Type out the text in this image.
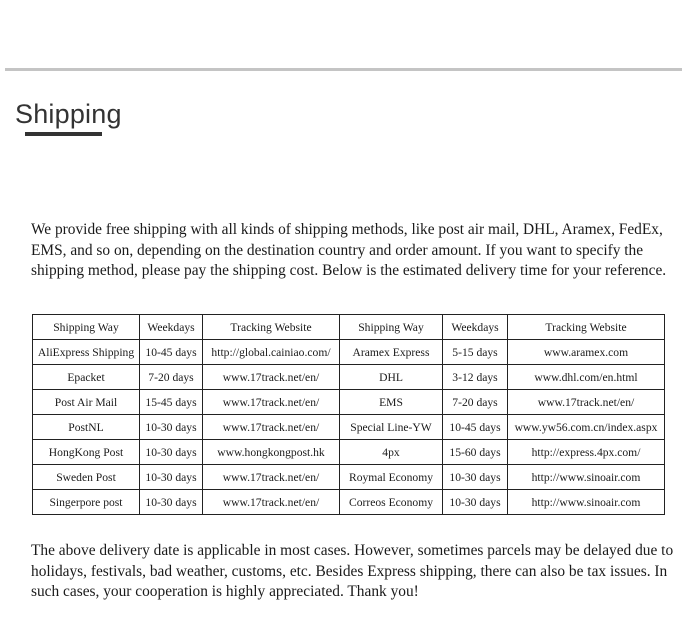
Shipping

We provide free shipping with all kinds of shipping methods, like post air mail, DHL, Aramex, FedEx, EMS, and so on, depending on the destination country and order amount. If you want to specify the shipping method, please pay the shipping cost. Below is the estimated delivery time for your reference.

Shipping Way	Weekdays	Tracking Website	Shipping Way	Weekdays	Tracking Website
AliExpress Shipping	10-45 days	http://global.cainiao.com/	Aramex Express	5-15 days	www.aramex.com
Epacket	7-20 days	www.17track.net/en/	DHL	3-12 days	www.dhl.com/en.html
Post Air Mail	15-45 days	www.17track.net/en/	EMS	7-20 days	www.17track.net/en/
PostNL	10-30 days	www.17track.net/en/	Special Line-YW	10-45 days	www.yw56.com.cn/index.aspx
HongKong Post	10-30 days	www.hongkongpost.hk	4px	15-60 days	http://express.4px.com/
Sweden Post	10-30 days	www.17track.net/en/	Roymal Economy	10-30 days	http://www.sinoair.com
Singerpore post	10-30 days	www.17track.net/en/	Correos Economy	10-30 days	http://www.sinoair.com

The above delivery date is applicable in most cases. However, sometimes parcels may be delayed due to holidays, festivals, bad weather, customs, etc. Besides Express shipping, there can also be tax issues. In such cases, your cooperation is highly appreciated. Thank you!
